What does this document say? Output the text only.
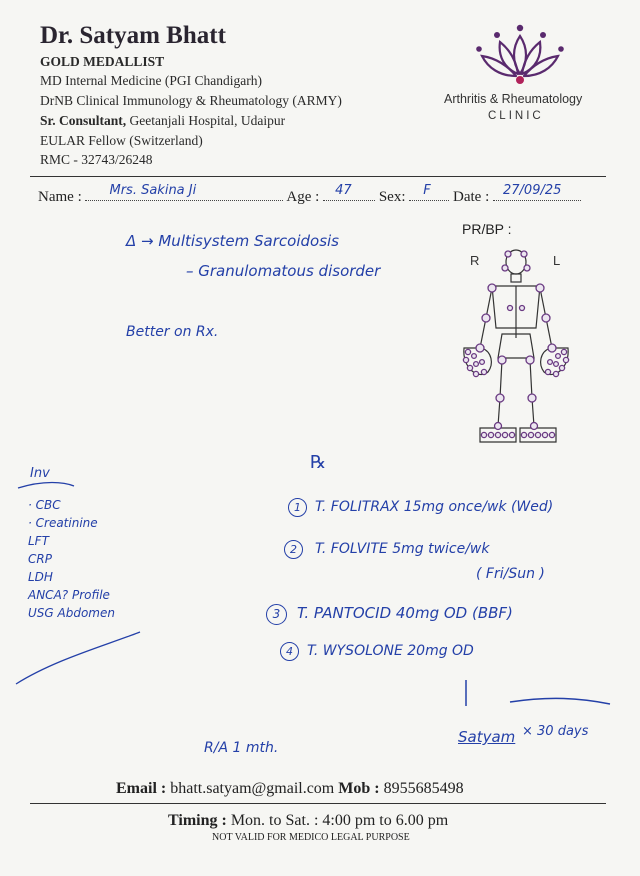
Dr. Satyam Bhatt
GOLD MEDALLIST
MD Internal Medicine (PGI Chandigarh)
DrNB Clinical Immunology & Rheumatology (ARMY)
Sr. Consultant, Geetanjali Hospital, Udaipur
EULAR Fellow (Switzerland)
RMC - 32743/26248
Arthritis & Rheumatology
CLINIC
Name : Mrs. Sakina Ji	Age : 47 Sex: F Date : 27/09/25
PR/BP :
R	L
Δ → Multisystem Sarcoidosis
– Granulomatous disorder
Better on Rx.
Inv
· CBC
· Creatinine
LFT
CRP
LDH
ANCA? Profile
USG Abdomen
℞
1 T. FOLITRAX 15mg once/wk (Wed)
2 T. FOLVITE 5mg twice/wk
( Fri/Sun )
3 T. PANTOCID 40mg OD (BBF)
4 T. WYSOLONE 20mg OD
Satyam × 30 days
R/A 1 mth.
Email : bhatt.satyam@gmail.com Mob : 8955685498
Timing : Mon. to Sat. : 4:00 pm to 6.00 pm
NOT VALID FOR MEDICO LEGAL PURPOSE
